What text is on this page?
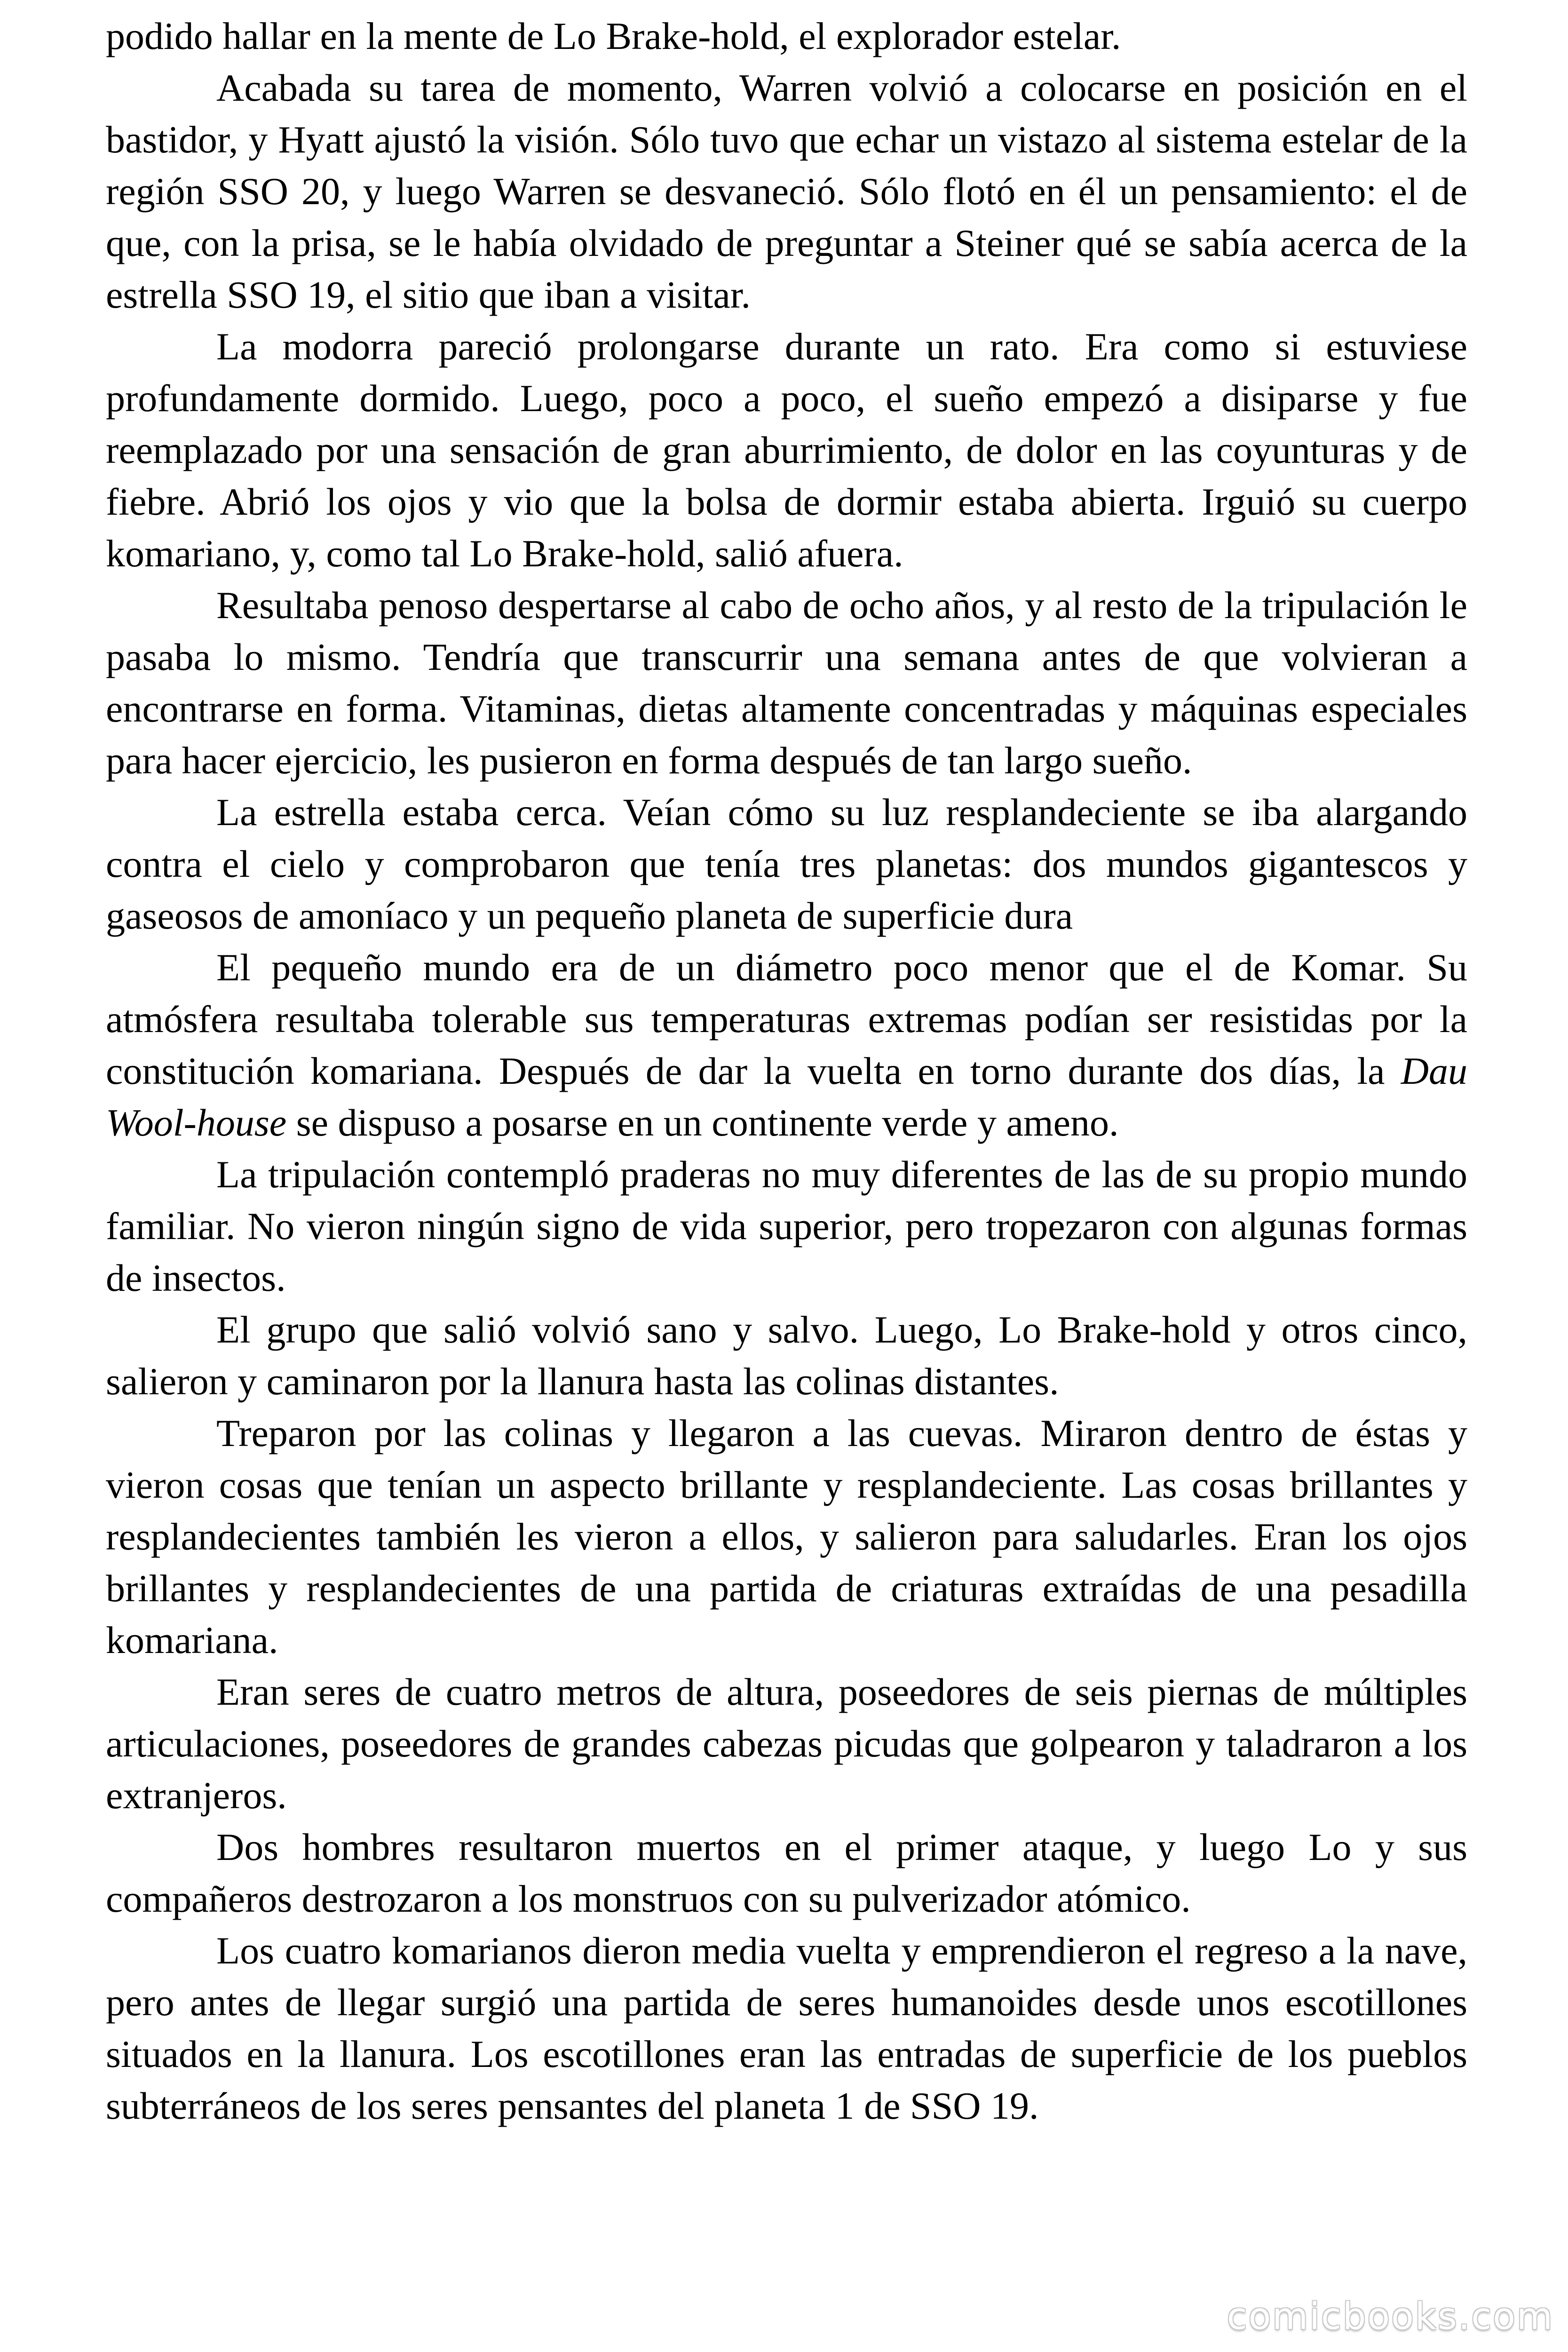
podido hallar en la mente de Lo Brake-hold, el explorador estelar.

Acabada su tarea de momento, Warren volvió a colocarse en posición en el bastidor, y Hyatt ajustó la visión. Sólo tuvo que echar un vistazo al sistema estelar de la región SSO 20, y luego Warren se desvaneció. Sólo flotó en él un pensamiento: el de que, con la prisa, se le había olvidado de preguntar a Steiner qué se sabía acerca de la estrella SSO 19, el sitio que iban a visitar.

La modorra pareció prolongarse durante un rato. Era como si estuviese profundamente dormido. Luego, poco a poco, el sueño empezó a disiparse y fue reemplazado por una sensación de gran aburrimiento, de dolor en las coyunturas y de fiebre. Abrió los ojos y vio que la bolsa de dormir estaba abierta. Irguió su cuerpo komariano, y, como tal Lo Brake-hold, salió afuera.

Resultaba penoso despertarse al cabo de ocho años, y al resto de la tripulación le pasaba lo mismo. Tendría que transcurrir una semana antes de que volvieran a encontrarse en forma. Vitaminas, dietas altamente concentradas y máquinas especiales para hacer ejercicio, les pusieron en forma después de tan largo sueño.

La estrella estaba cerca. Veían cómo su luz resplandeciente se iba alargando contra el cielo y comprobaron que tenía tres planetas: dos mundos gigantescos y gaseosos de amoníaco y un pequeño planeta de superficie dura

El pequeño mundo era de un diámetro poco menor que el de Komar. Su atmósfera resultaba tolerable sus temperaturas extremas podían ser resistidas por la constitución komariana. Después de dar la vuelta en torno durante dos días, la Dau Wool-house se dispuso a posarse en un continente verde y ameno.

La tripulación contempló praderas no muy diferentes de las de su propio mundo familiar. No vieron ningún signo de vida superior, pero tropezaron con algunas formas de insectos.

El grupo que salió volvió sano y salvo. Luego, Lo Brake-hold y otros cinco, salieron y caminaron por la llanura hasta las colinas distantes.

Treparon por las colinas y llegaron a las cuevas. Miraron dentro de éstas y vieron cosas que tenían un aspecto brillante y resplandeciente. Las cosas brillantes y resplandecientes también les vieron a ellos, y salieron para saludarles. Eran los ojos brillantes y resplandecientes de una partida de criaturas extraídas de una pesadilla komariana.

Eran seres de cuatro metros de altura, poseedores de seis piernas de múltiples articulaciones, poseedores de grandes cabezas picudas que golpearon y taladraron a los extranjeros.

Dos hombres resultaron muertos en el primer ataque, y luego Lo y sus compañeros destrozaron a los monstruos con su pulverizador atómico.

Los cuatro komarianos dieron media vuelta y emprendieron el regreso a la nave, pero antes de llegar surgió una partida de seres humanoides desde unos escotillones situados en la llanura. Los escotillones eran las entradas de superficie de los pueblos subterráneos de los seres pensantes del planeta 1 de SSO 19.

comicbooks.com
